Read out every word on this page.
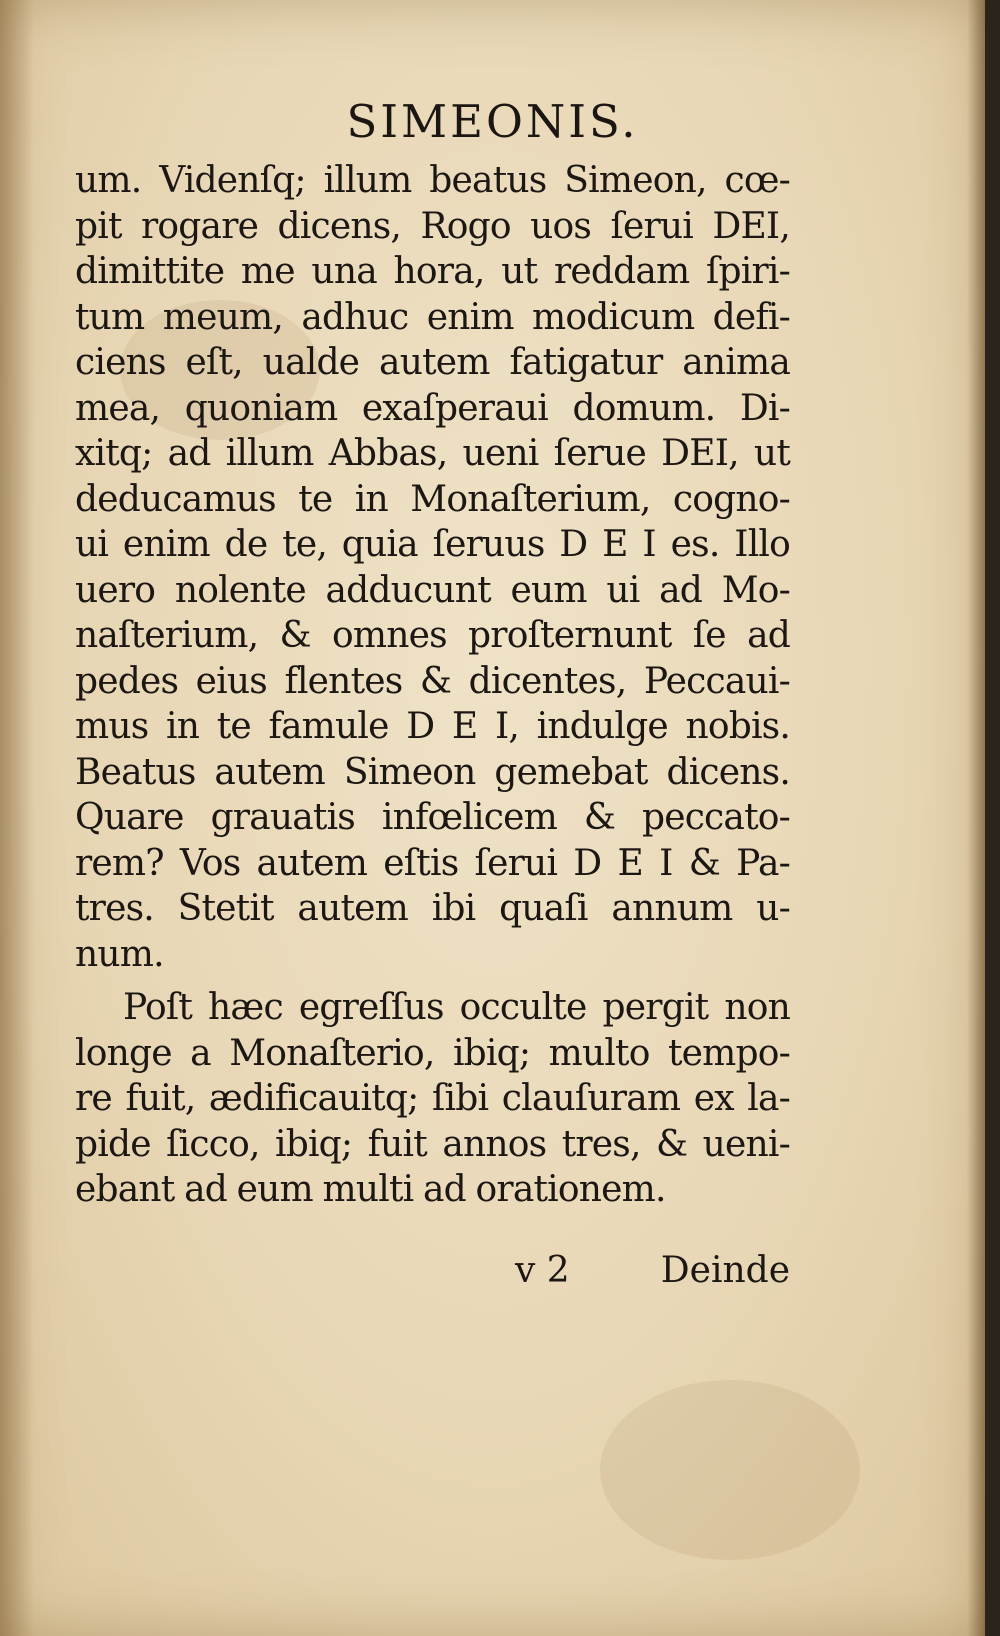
SIMEONIS.
um. Videnſq; illum beatus Simeon, cœ-
pit rogare dicens, Rogo uos ſerui DEI,
dimittite me una hora, ut reddam ſpiri-
tum meum, adhuc enim modicum defi-
ciens eſt, ualde autem fatigatur anima
mea, quoniam exaſperaui domum. Di-
xitq; ad illum Abbas, ueni ſerue DEI, ut
deducamus te in Monaſterium, cogno-
ui enim de te, quia ſeruus D E I es. Illo
uero nolente adducunt eum ui ad Mo-
naſterium, & omnes proſternunt ſe ad
pedes eius flentes & dicentes, Peccaui-
mus in te famule D E I, indulge nobis.
Beatus autem Simeon gemebat dicens.
Quare grauatis infœlicem & peccato-
rem? Vos autem eſtis ſerui D E I & Pa-
tres. Stetit autem ibi quaſi annum u-
num.
Poſt hæc egreſſus occulte pergit non
longe a Monaſterio, ibiq; multo tempo-
re fuit, ædificauitq; ſibi clauſuram ex la-
pide ſicco, ibiq; fuit annos tres, & ueni-
ebant ad eum multi ad orationem.
v 2	Deinde
